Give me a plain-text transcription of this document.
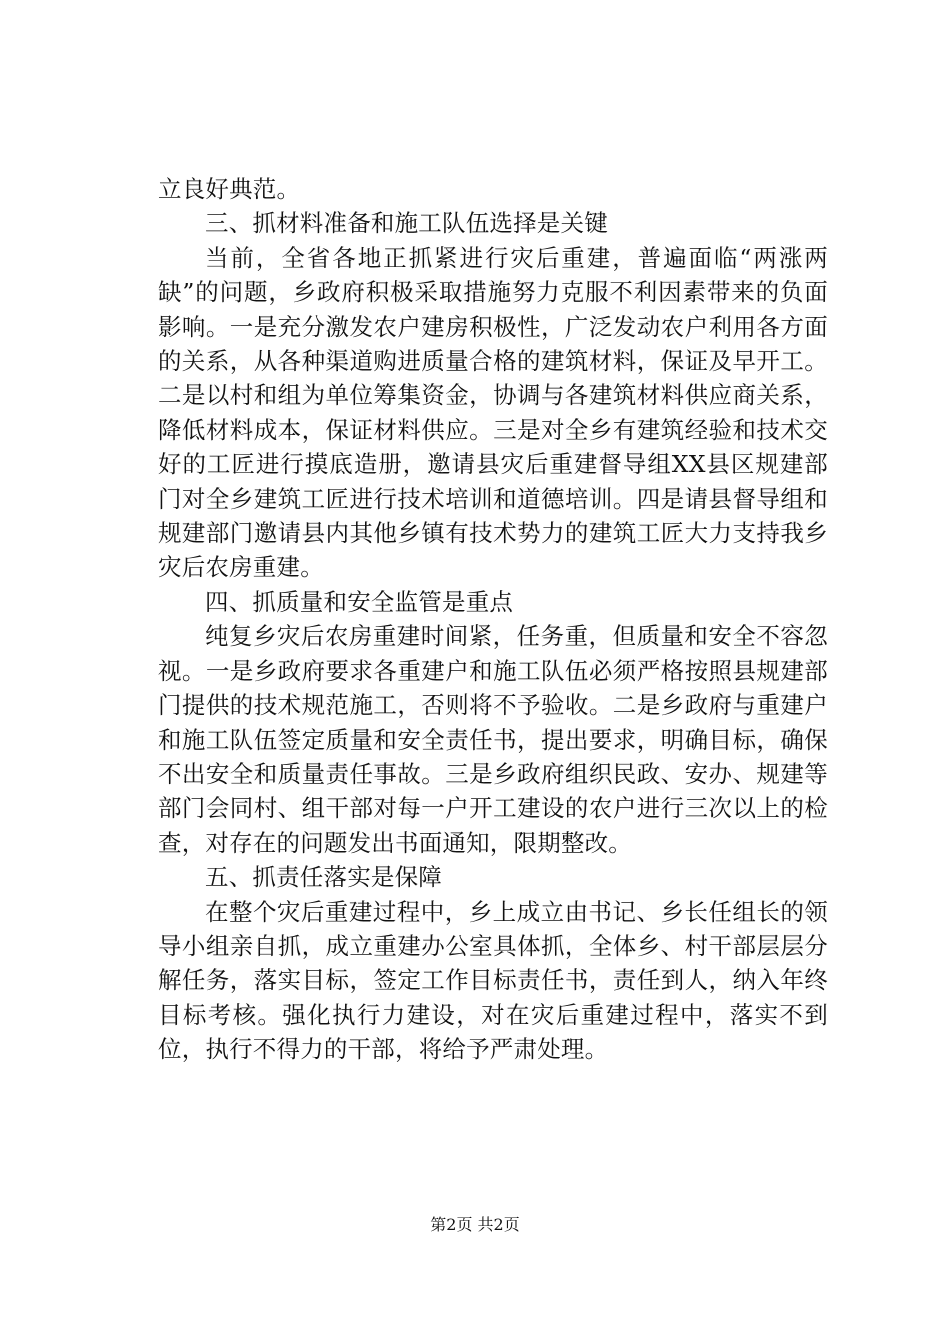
立良好典范。

三、抓材料准备和施工队伍选择是关键

当前，全省各地正抓紧进行灾后重建，普遍面临“两涨两缺”的问题，乡政府积极采取措施努力克服不利因素带来的负面影响。一是充分激发农户建房积极性，广泛发动农户利用各方面的关系，从各种渠道购进质量合格的建筑材料，保证及早开工。二是以村和组为单位筹集资金，协调与各建筑材料供应商关系，降低材料成本，保证材料供应。三是对全乡有建筑经验和技术交好的工匠进行摸底造册，邀请县灾后重建督导组XX县区规建部门对全乡建筑工匠进行技术培训和道德培训。四是请县督导组和规建部门邀请县内其他乡镇有技术势力的建筑工匠大力支持我乡灾后农房重建。

四、抓质量和安全监管是重点

纯复乡灾后农房重建时间紧，任务重，但质量和安全不容忽视。一是乡政府要求各重建户和施工队伍必须严格按照县规建部门提供的技术规范施工，否则将不予验收。二是乡政府与重建户和施工队伍签定质量和安全责任书，提出要求，明确目标，确保不出安全和质量责任事故。三是乡政府组织民政、安办、规建等部门会同村、组干部对每一户开工建设的农户进行三次以上的检查，对存在的问题发出书面通知，限期整改。

五、抓责任落实是保障

在整个灾后重建过程中，乡上成立由书记、乡长任组长的领导小组亲自抓，成立重建办公室具体抓，全体乡、村干部层层分解任务，落实目标，签定工作目标责任书，责任到人，纳入年终目标考核。强化执行力建设，对在灾后重建过程中，落实不到位，执行不得力的干部，将给予严肃处理。

第2页 共2页
